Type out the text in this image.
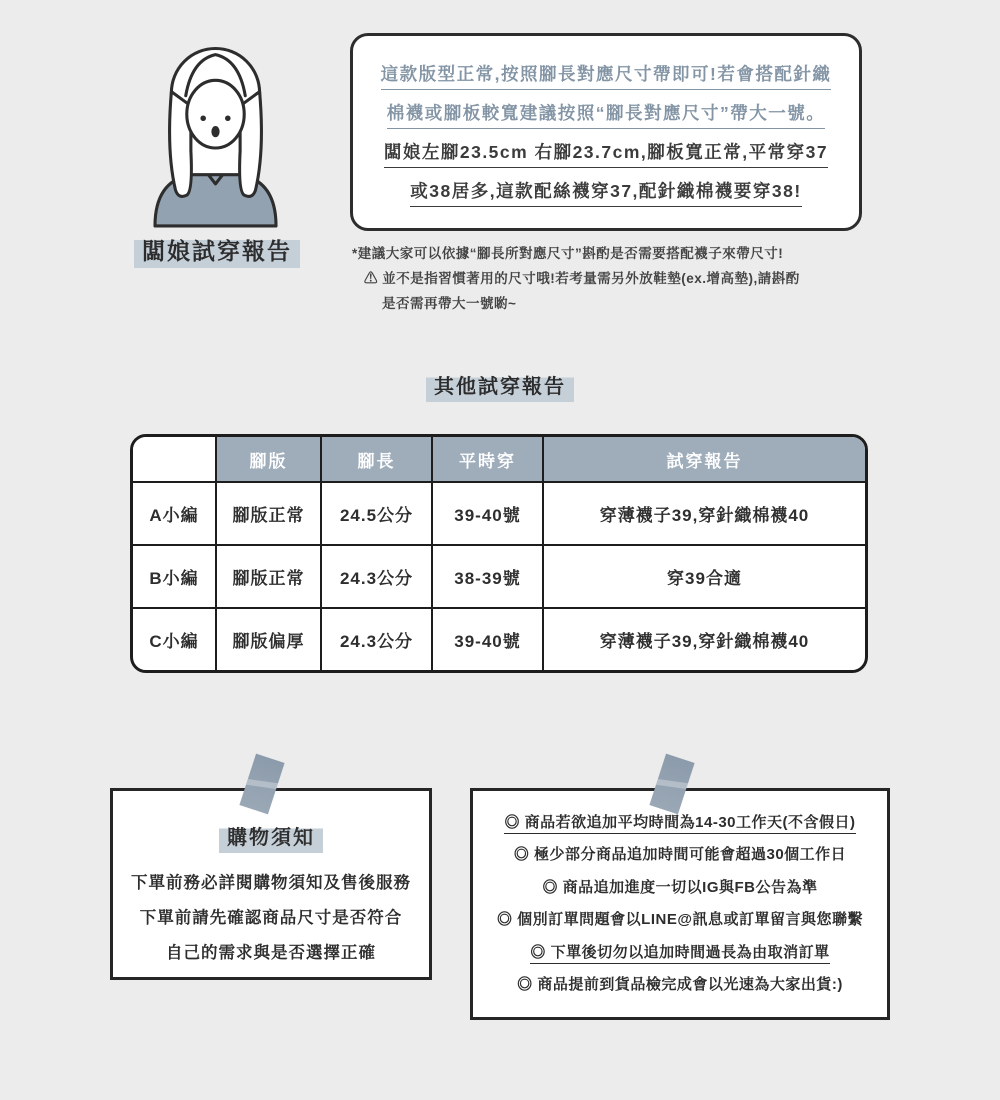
闆娘試穿報告
這款版型正常,按照腳長對應尺寸帶即可!若會搭配針織
棉襪或腳板較寬建議按照“腳長對應尺寸”帶大一號。
闆娘左腳23.5cm 右腳23.7cm,腳板寬正常,平常穿37
或38居多,這款配絲襪穿37,配針織棉襪要穿38!
*建議大家可以依據“腳長所對應尺寸”斟酌是否需要搭配襪子來帶尺寸!
⚠ 並不是指習慣著用的尺寸哦!若考量需另外放鞋墊(ex.增高墊),請斟酌
是否需再帶大一號喲~
其他試穿報告
	腳版	腳長	平時穿	試穿報告
A小編	腳版正常	24.5公分	39-40號	穿薄襪子39,穿針織棉襪40
B小編	腳版正常	24.3公分	38-39號	穿39合適
C小編	腳版偏厚	24.3公分	39-40號	穿薄襪子39,穿針織棉襪40
購物須知
下單前務必詳閱購物須知及售後服務
下單前請先確認商品尺寸是否符合
自己的需求與是否選擇正確
◎ 商品若欲追加平均時間為14-30工作天(不含假日)
◎ 極少部分商品追加時間可能會超過30個工作日
◎ 商品追加進度一切以IG與FB公告為準
◎ 個別訂單問題會以LINE@訊息或訂單留言與您聯繫
◎ 下單後切勿以追加時間過長為由取消訂單
◎ 商品提前到貨品檢完成會以光速為大家出貨:)
